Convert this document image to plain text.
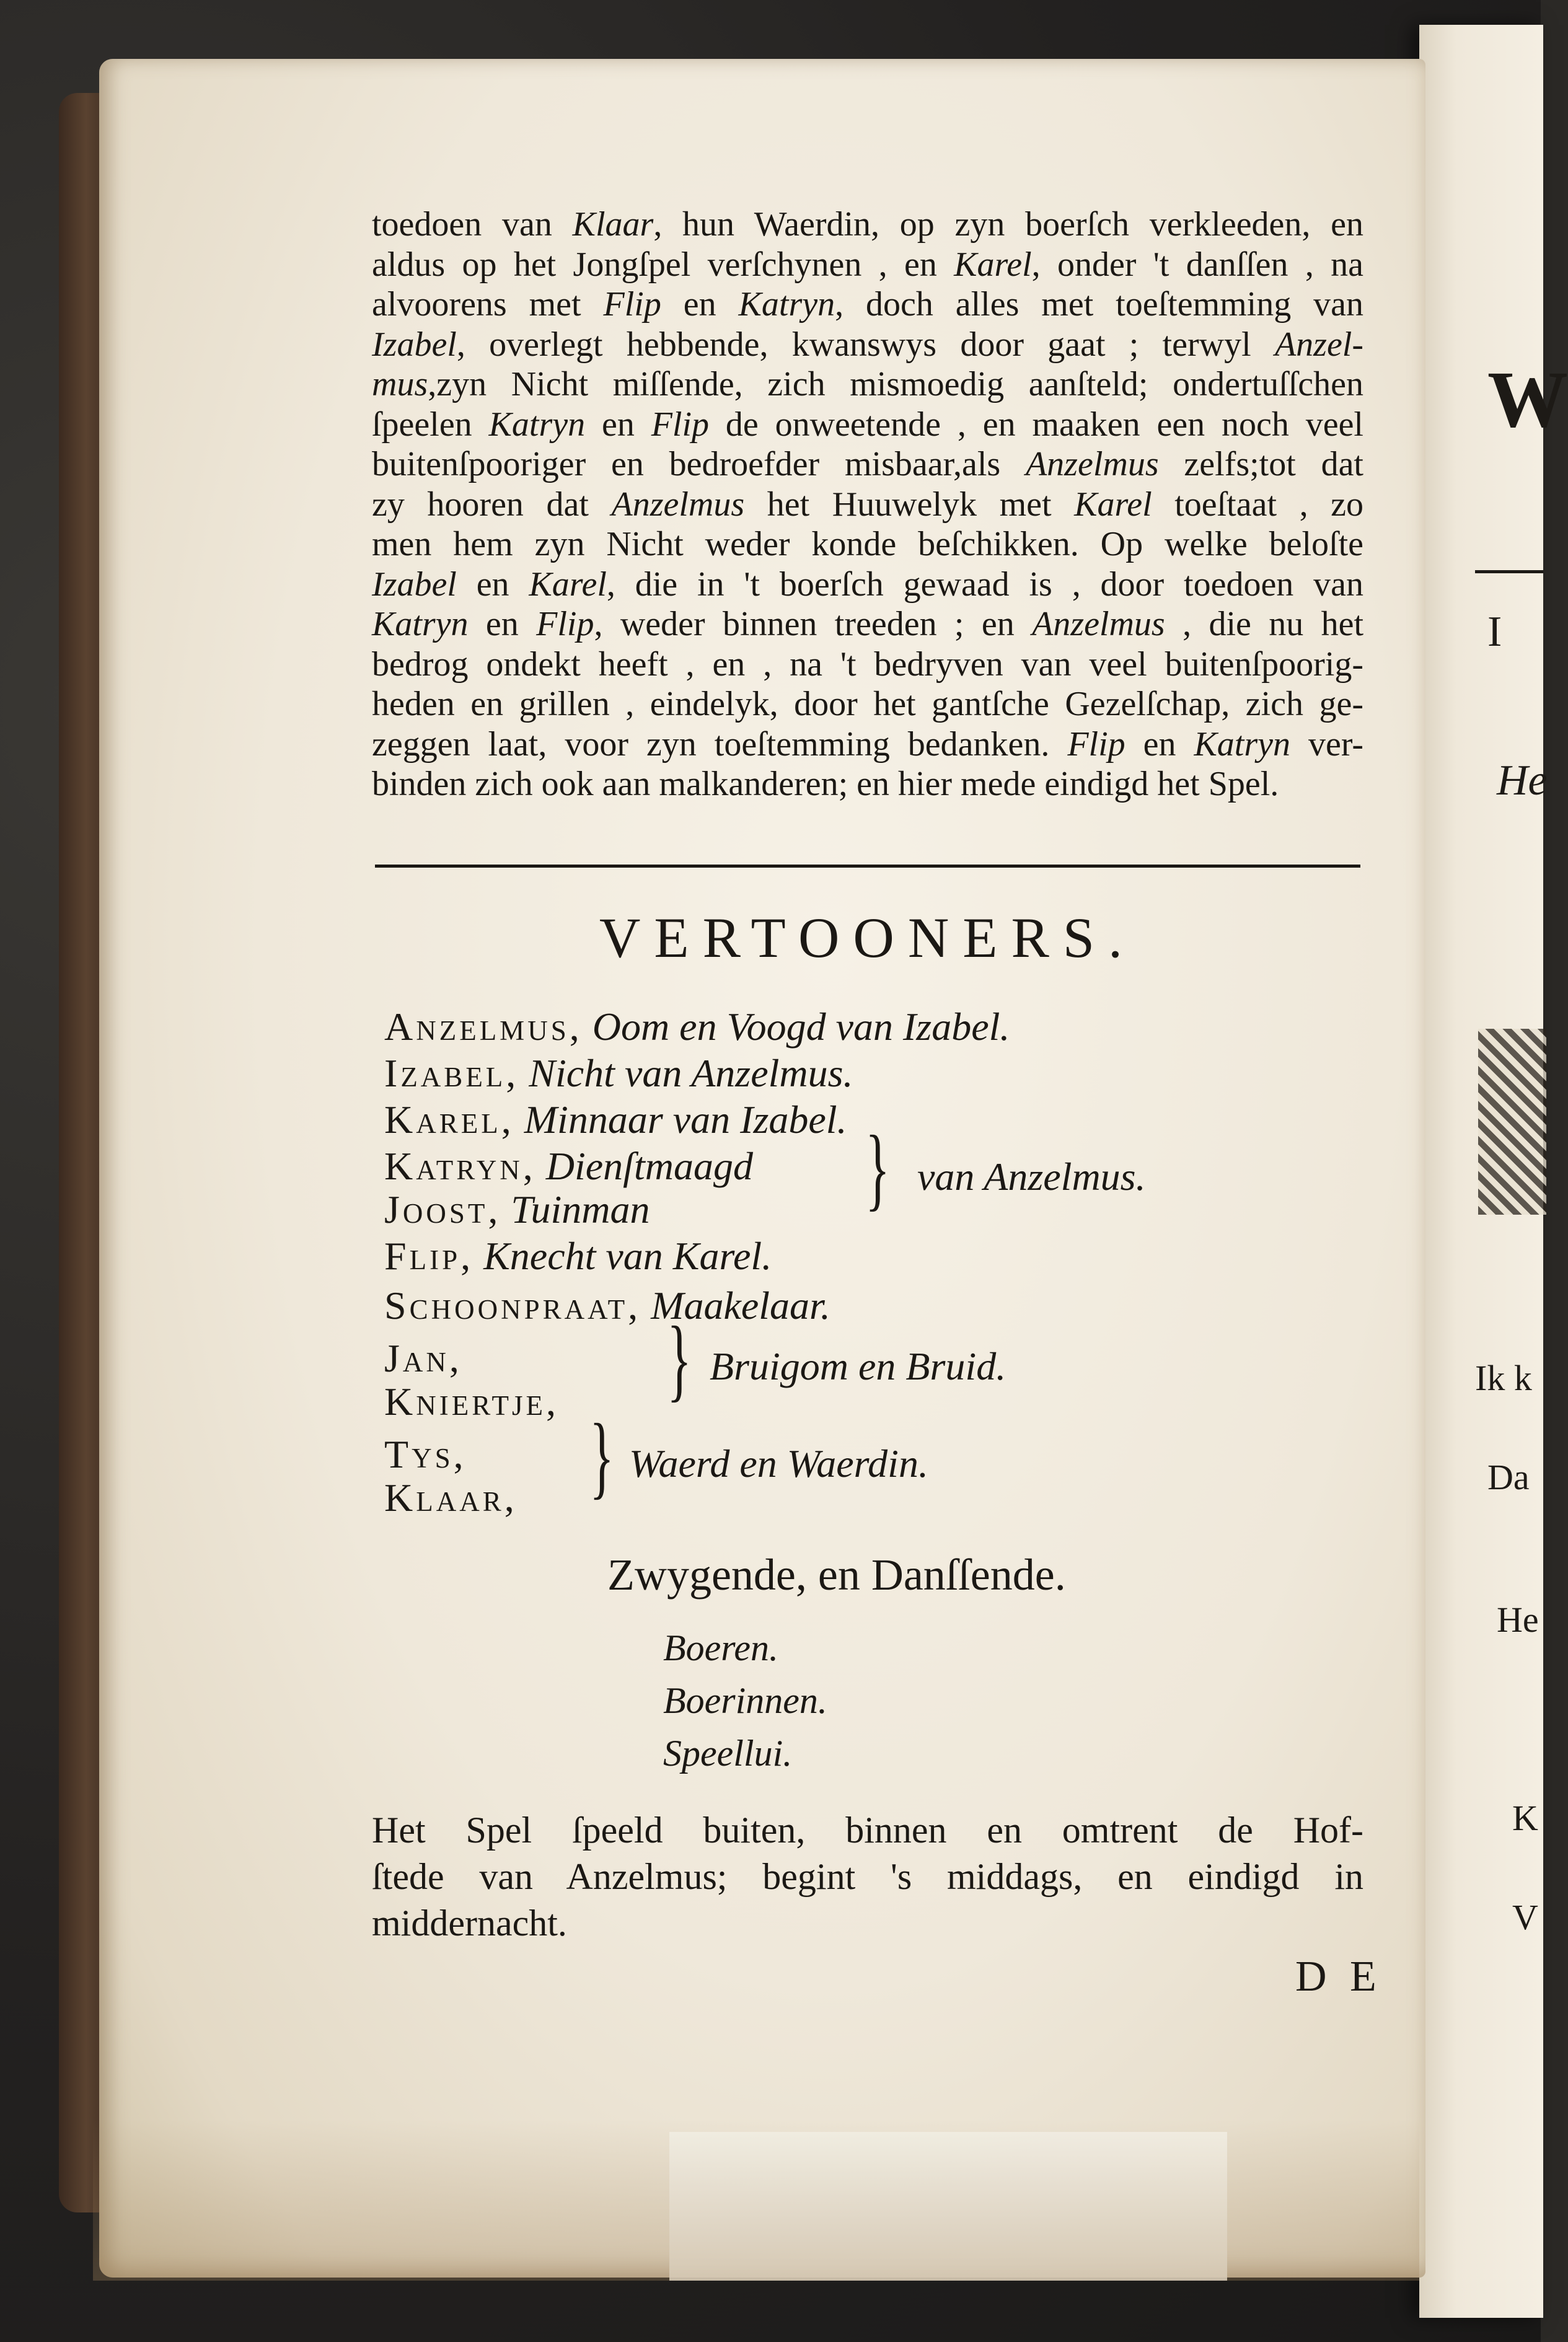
W
I
He
Ik k
Da
He
K
V
toedoen van Klaar, hun Waerdin, op zyn boerſch verkleeden, en
aldus op het Jongſpel verſchynen , en Karel, onder 't danſſen , na
alvoorens met Flip en Katryn, doch alles met toeſtemming van
Izabel, overlegt hebbende, kwanswys door gaat ; terwyl Anzel-
mus,zyn Nicht miſſende, zich mismoedig aanſteld; ondertuſſchen
ſpeelen Katryn en Flip de onweetende , en maaken een noch veel
buitenſpooriger en bedroefder misbaar,als Anzelmus zelfs;tot dat
zy hooren dat Anzelmus het Huuwelyk met Karel toeſtaat , zo
men hem zyn Nicht weder konde beſchikken. Op welke beloſte
Izabel en Karel, die in 't boerſch gewaad is , door toedoen van
Katryn en Flip, weder binnen treeden ; en Anzelmus , die nu het
bedrog ondekt heeft , en , na 't bedryven van veel buitenſpoorig-
heden en grillen , eindelyk, door het gantſche Gezelſchap, zich ge-
zeggen laat, voor zyn toeſtemming bedanken. Flip en Katryn ver-
binden zich ook aan malkanderen; en hier mede eindigd het Spel.
VERTOONERS.
Anzelmus, Oom en Voogd van Izabel.
Izabel, Nicht van Anzelmus.
Karel, Minnaar van Izabel.
Katryn, Dienſtmaagd
Joost, Tuinman
Flip, Knecht van Karel.
Schoonpraat, Maakelaar.
Jan,
Kniertje,
Tys,
Klaar,
} van Anzelmus.
} Bruigom en Bruid.
} Waerd en Waerdin.
Zwygende, en Danſſende.
Boeren.
Boerinnen.
Speellui.
Het Spel ſpeeld buiten, binnen en omtrent de Hof-
ſtede van Anzelmus; begint 's middags, en eindigd in
middernacht.
D E
